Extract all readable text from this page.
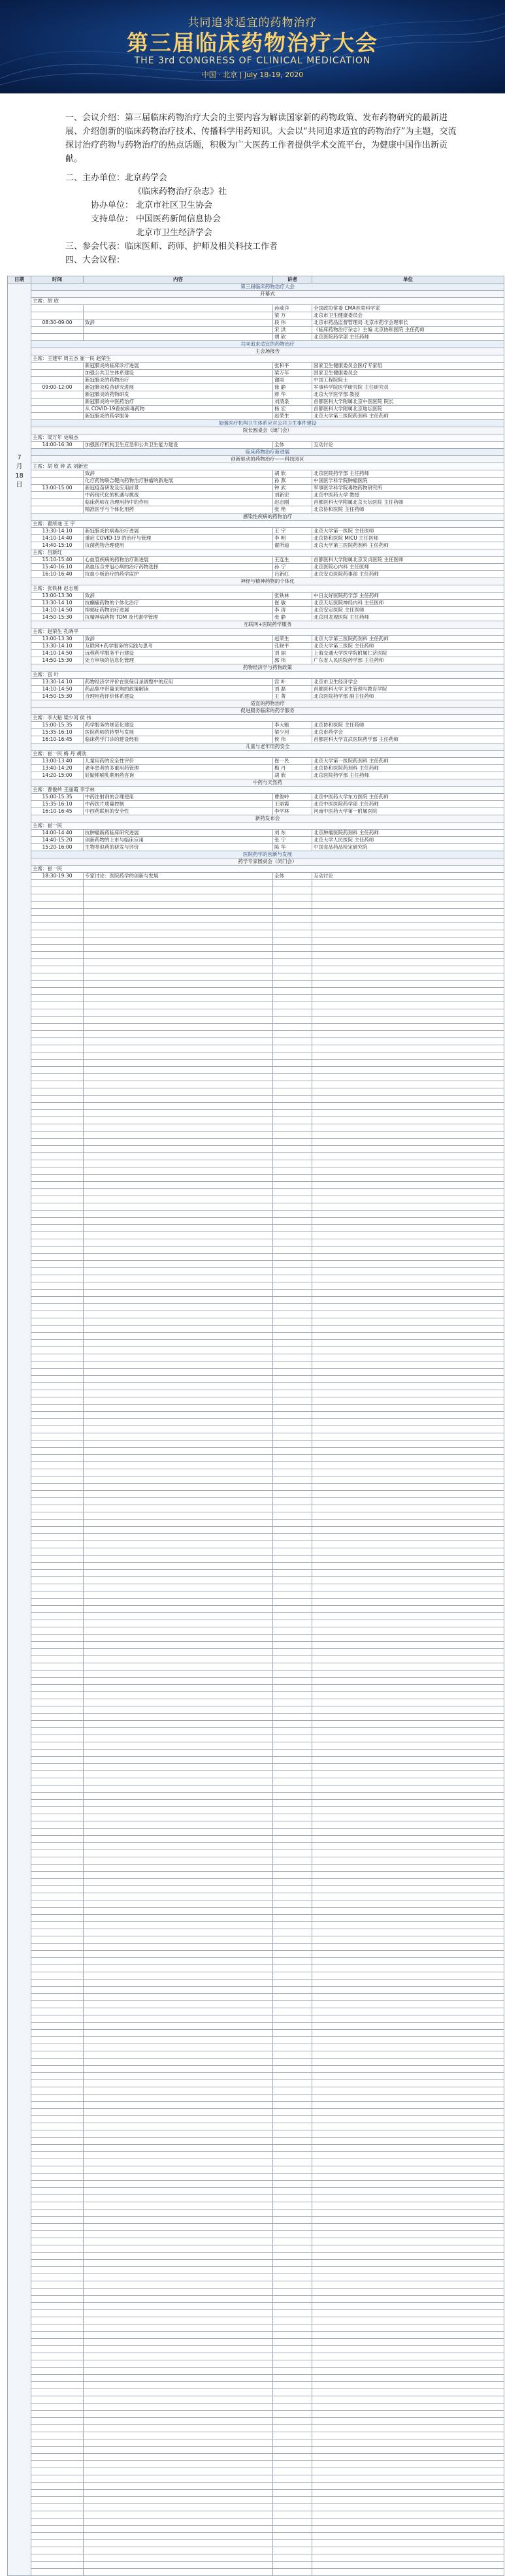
共同追求适宜的药物治疗
第三届临床药物治疗大会
THE 3rd CONGRESS OF CLINICAL MEDICATION
中国 · 北京 | July 18-19, 2020

一、会议介绍：第三届临床药物治疗大会的主要内容为解读国家新的药物政策、发布药物研究的最新进展、介绍创新的临床药物治疗技术、传播科学用药知识。大会以“共同追求适宜的药物治疗”为主题，交流探讨治疗药物与药物治疗的热点话题，积极为广大医药工作者提供学术交流平台，为健康中国作出新贡献。

二、主办单位：北京药学会
《临床药物治疗杂志》社
协办单位： 北京市社区卫生协会
支持单位： 中国医药新闻信息协会
北京市卫生经济学会
三、参会代表：临床医师、药师、护师及相关科技工作者
四、大会议程：
日期	时间	内容	讲者	单位
7
月
18
日	第三届临床药物治疗大会			
	开幕式			
	主席：胡 欣			
			孙威洋	全国政协常委 CMA首席科学家
			梁 万	北京市卫生健康委员会
	08:30-09:00	致辞	段 伟	北京市药品监督管理局 北京市药学会理事长
			宋 洪	《临床药物治疗杂志》主编 北京协和医院 主任药师
			胡 欣	北京医院药学部 主任药师
	共同追求适宜的药物治疗			
	主会场报告			
	主席：王建军 周玉杰 崔一民 赵荣生			
		新冠肺炎的临床诊疗进展	张和平	国家卫生健康委员会医疗专家组
		加强公共卫生体系建设	梁万年	国家卫生健康委员会
		新冠肺炎的药物治疗	谢雨	中国工程院院士
	09:00-12:00	新冠肺炎疫苗研究进展	徐 静	军事科学院医学研究院 主任研究员
		新冠肺炎的药物研发	蒋 华	北京大学医学部 教授
		新冠肺炎的中医药治疗	刘清泉	首都医科大学附属北京中医医院 院长
		从 COVID-19看抗病毒药物	杨 宏	首都医科大学附属北京地坛医院
		新冠肺炎的药学服务	赵荣生	北京大学第三医院药剂科 主任药师
	加强医疗机构卫生体系应对公共卫生事件建设			
	院长圆桌会（闭门会）			
	主席：梁万年 史岷杰			
	14:00-16:30	加强医疗机构卫生应急和公共卫生能力建设	全体	互动讨论
	临床药物治疗新进展			
	创新驱动的药物治疗——科技园区			
	主席：胡 欣 钟 武 刘新宏			
		致辞	胡 欣	北京医院药学部 主任药师
		化疗药物联合靶向药物治疗肿瘤的新进展	孙 燕	中国医学科学院肿瘤医院
	13:00-15:00	新冠疫苗研发及应用前景	钟 武	军事医学科学院毒物药物研究所
		中药现代化的机遇与挑战	刘新宏	北京中医药大学 教授
		临床药师在合理用药中的作用	赵志刚	首都医科大学附属北京天坛医院 主任药师
		精准医学与个体化用药	张 艳	北京协和医院 主任药师
	感染性疾病的药物治疗			
	主席：翟所迪 王 宇			
	13:30-14:10	新冠肺炎抗病毒治疗进展	王 宇	北京大学第一医院 主任医师
	14:10-14:40	重症 COVID-19 的治疗与管理	李 明	北京协和医院 MICU 主任医师
	14:40-15:10	抗菌药物合理使用	翟所迪	北京大学第三医院药剂科 主任药师
	主席：吕新红			
	15:10-15:40	心血管疾病的药物治疗新进展	王连生	首都医科大学附属北京安贞医院 主任医师
	15:40-16:10	高血压合并冠心病的治疗药物选择	孙 宁	北京医院心内科 主任医师
	16:10-16:40	抗血小板治疗的药学监护	吕新红	北京安贞医院药事部 主任药师
	神经与精神药物的个体化			
	主席：张铁林 赵志刚			
	13:00-13:30	致辞	张铁林	中日友好医院药学部 主任药师
	13:30-14:10	抗癫痫药物的个体化治疗	崔 敏	北京天坛医院神经内科 主任医师
	14:10-14:50	抑郁症药物治疗进展	李 涛	北京安定医院 主任医师
	14:50-15:30	抗精神病药物 TDM 及代谢学管理	张 静	北京回龙观医院 主任药师
	互联网+医院药学服务			
	主席：赵荣生 孔晓平			
	13:00-13:30	致辞	赵荣生	北京大学第三医院药剂科 主任药师
	13:30-14:10	互联网+药学服务的实践与思考	孔晓平	北京大学第三医院 主任药师
	14:10-14:50	远程药学服务平台建设	刘 丽	上海交通大学医学院附属仁济医院
	14:50-15:30	处方审核的信息化管理	郭 伟	广东省人民医院药学部 主任药师
	药物经济学与药物政策			
	主席：宫 叶			
	13:30-14:10	药物经济学评价在医保目录调整中的应用	宫 叶	北京市卫生经济学会
	14:10-14:50	药品集中带量采购的政策解读	刘 磊	首都医科大学卫生管理与教育学院
	14:50-15:30	合理用药评价体系建设	王 菁	北京医院药学部 副主任药师
	适宜的药物治疗			
	促进服务临床的药学服务			
	主席：李大魁 梁少河 侯 伟			
	15:00-15:35	药学服务的规范化建设	李大魁	北京协和医院 主任药师
	15:35-16:10	医院药师的转型与发展	梁少河	北京市药学会
	16:10-16:45	临床药学门诊的建设经验	侯 伟	首都医科大学宣武医院药学部 主任药师
	儿童与老年用药安全			
	主席：崔一民 梅 丹 胡欣			
	13:00-13:40	儿童用药的安全性评价	崔一民	北京大学第一医院药剂科 主任药师
	13:40-14:20	老年患者的多重用药管理	梅 丹	北京协和医院药剂科 主任药师
	14:20-15:00	妊娠期哺乳期用药咨询	胡 欣	北京医院药学部 主任药师
	中药与天然药			
	主席：曹俊岭 王丽霞 李学林			
	15:00-15:35	中药注射剂的合理使用	曹俊岭	北京中医药大学东方医院 主任药师
	15:35-16:10	中药饮片质量控制	王丽霞	北京中医医院药学部 主任药师
	16:10-16:45	中西药联用的安全性	李学林	河南中医药大学第一附属医院
	新药发布会			
	主席：崔一民			
	14:00-14:40	抗肿瘤新药临床研究进展	刘 东	北京肿瘤医院药剂科 主任药师
	14:40-15:20	创新药物的上市与临床应用	张 宁	北京大学人民医院 主任药师
	15:20-16:00	生物类似药的研发与评价	陈 华	中国食品药品检定研究院
	医院药学的创新与发展			
	药学专家圆桌会（闭门会）			
	主席：崔一民			
	18:30-19:30	专家讨论：医院药学的创新与发展	全体	互动讨论
